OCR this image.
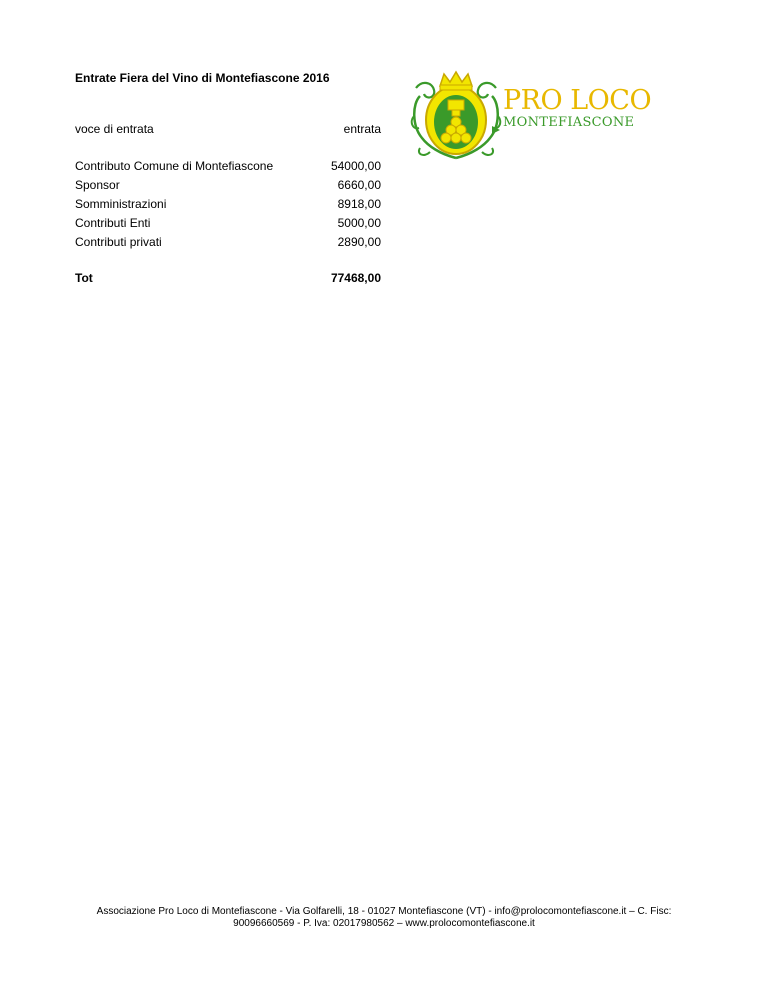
Entrate Fiera del Vino di Montefiascone 2016
voce di entrata	entrata
Contributo Comune di Montefiascone	54000,00
Sponsor	6660,00
Somministrazioni	8918,00
Contributi Enti	5000,00
Contributi privati	2890,00
Tot	77468,00
PRO LOCO
MONTEFIASCONE
Associazione Pro Loco di Montefiascone - Via Golfarelli, 18 - 01027 Montefiascone (VT) - info@prolocomontefiascone.it – C. Fisc:
90096660569 - P. Iva: 02017980562 – www.prolocomontefiascone.it
